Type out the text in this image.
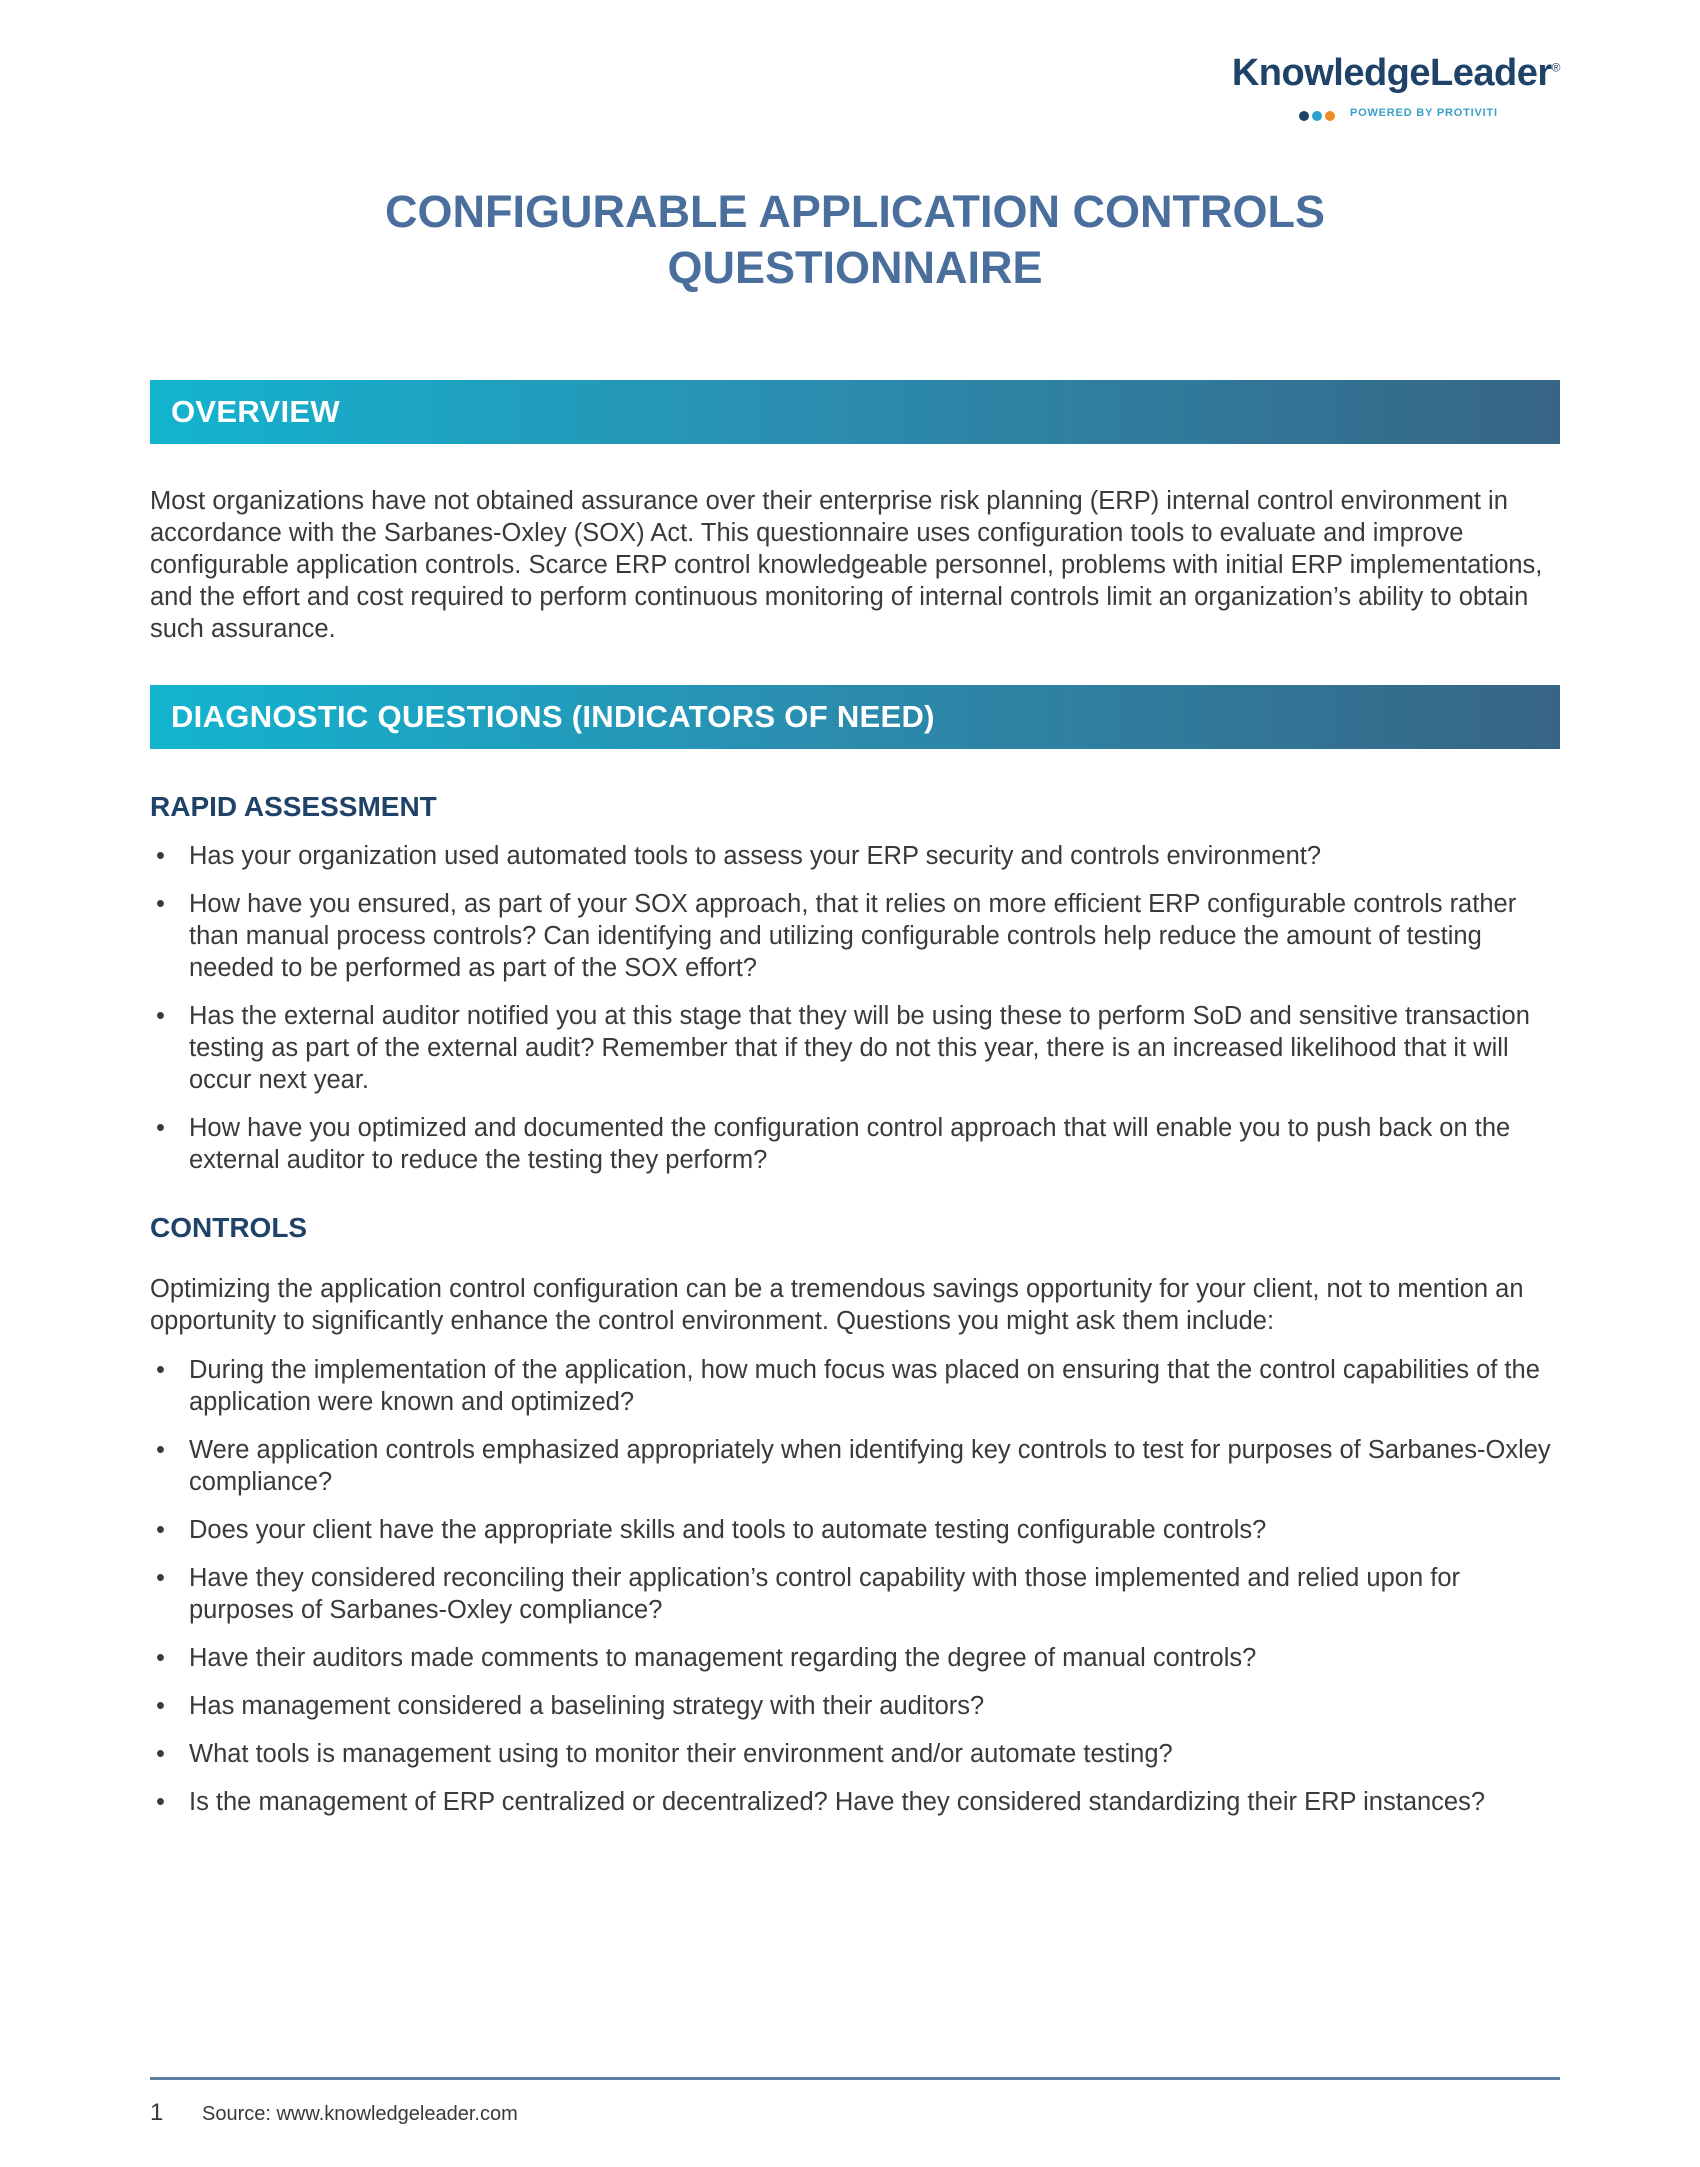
KnowledgeLeader®
POWERED BY PROTIVITI
CONFIGURABLE APPLICATION CONTROLS
QUESTIONNAIRE
OVERVIEW

Most organizations have not obtained assurance over their enterprise risk planning (ERP) internal control environment in accordance with the Sarbanes-Oxley (SOX) Act. This questionnaire uses configuration tools to evaluate and improve configurable application controls. Scarce ERP control knowledgeable personnel, problems with initial ERP implementations, and the effort and cost required to perform continuous monitoring of internal controls limit an organization’s ability to obtain such assurance.

DIAGNOSTIC QUESTIONS (INDICATORS OF NEED)
RAPID ASSESSMENT
• Has your organization used automated tools to assess your ERP security and controls environment?
• How have you ensured, as part of your SOX approach, that it relies on more efficient ERP configurable controls rather than manual process controls? Can identifying and utilizing configurable controls help reduce the amount of testing needed to be performed as part of the SOX effort?
• Has the external auditor notified you at this stage that they will be using these to perform SoD and sensitive transaction testing as part of the external audit? Remember that if they do not this year, there is an increased likelihood that it will occur next year.
• How have you optimized and documented the configuration control approach that will enable you to push back on the external auditor to reduce the testing they perform?
CONTROLS

Optimizing the application control configuration can be a tremendous savings opportunity for your client, not to mention an opportunity to significantly enhance the control environment. Questions you might ask them include:

• During the implementation of the application, how much focus was placed on ensuring that the control capabilities of the application were known and optimized?
• Were application controls emphasized appropriately when identifying key controls to test for purposes of Sarbanes-Oxley compliance?
• Does your client have the appropriate skills and tools to automate testing configurable controls?
• Have they considered reconciling their application’s control capability with those implemented and relied upon for purposes of Sarbanes-Oxley compliance?
• Have their auditors made comments to management regarding the degree of manual controls?
• Has management considered a baselining strategy with their auditors?
• What tools is management using to monitor their environment and/or automate testing?
• Is the management of ERP centralized or decentralized? Have they considered standardizing their ERP instances?
1 Source: www.knowledgeleader.com
